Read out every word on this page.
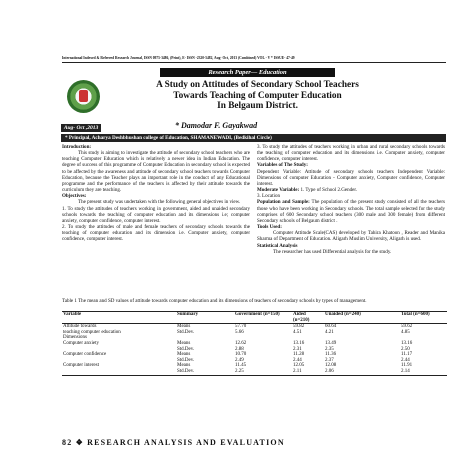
International Indexed & Refereed Research Journal, ISSN 0975-3486, (Print), E- ISSN -2320-5482, Aug- Oct, 2013 (Combined) VOL - V * ISSUE- 47-49
Research Paper— Education
A Study on Attitudes of Secondary School Teachers
Towards Teaching of Computer Education
In Belgaum District.
Aug- Oct ,2013	* Damodar F. Gayakwad
* Principal, Acharya Deshbhushan college of Education, SHAMANEWADI, (Bedkihal Circle)

Introduction:

This study is aiming to investigate the attitude of secondary school teachers who are teaching Computer Education which is relatively a newer idea in Indian Education. The degree of success of this programme of Computer Education in secondary school is expected to be affected by the awareness and attitude of secondary school teachers towards Computer Education, because the Teacher plays an important role in the conduct of any Educational programme and the performance of the teachers is affected by their attitude towards the curriculum they are teaching.

Objectives:

The present study was undertaken with the following general objectives in view.

1. To study the attitudes of teachers working in government, aided and unaided secondary schools towards the teaching of computer education and its dimensions i.e; computer anxiety, computer confidence, computer interest.

2. To study the attitudes of male and female teachers of secondary schools towards the teaching of computer education and its dimension i.e. Computer anxiety, computer confidence, computer interest.

3. To study the attitudes of teachers working in urban and rural secondary schools towards the teaching of computer education and its dimensions i.e. Computer anxiety, computer confidence, computer interest.

Variables of The Study:

Dependent Variable: Attitude of secondary schools teachers Independent Variable: Dimensions of computer Education - Computer anxiety, Computer confidence, Computer interest.

Moderate Variable: 1. Type of School 2.Gender.

3. Location

Population and Sample: The population of the present study consisted of all the teachers those who have been working in Secondary schools. The total sample selected for the study comprises of 600 Secondary school teachers (300 male and 300 female) from different Secondary schools of Belgaum district .

Tools Used:

Computer Attitude Scale(CAS) developed by Tahira Khatoon , Reader and Manika Sharma of Department of Education. Aligarh Muslim University, Aligarh is used.

Statistical Analysis

The researcher has used Differential analysis for the study.

Table 1 The mean and SD values of attitude towards computer education and its dimensions of teachers of secondary schools by types of management.
Variable	Summary	Government (n=150)	Aided (n=210)	Unaided (n=240)	Total (n=600)
Attitude towards	Means	57.70	59.82	60.64	59.62
teaching computer education	Std.Dev.	5.66	4.51	4.21	4.85
Dimensions					
Computer anxiety	Means	12.62	13.16	13.49	13.16
	Std.Dev.	2.88	2.31	2.35	2.50
Computer confidence	Means	10.70	11.28	11.36	11.17
	Std.Dev.	2.49	2.44	2.37	2.44
Computer interest	Means	11.45	12.05	12.08	11.91
	Std.Dev.	2.25	2.11	2.06	2.14
82 ❖ RESEARCH ANALYSIS AND EVALUATION
